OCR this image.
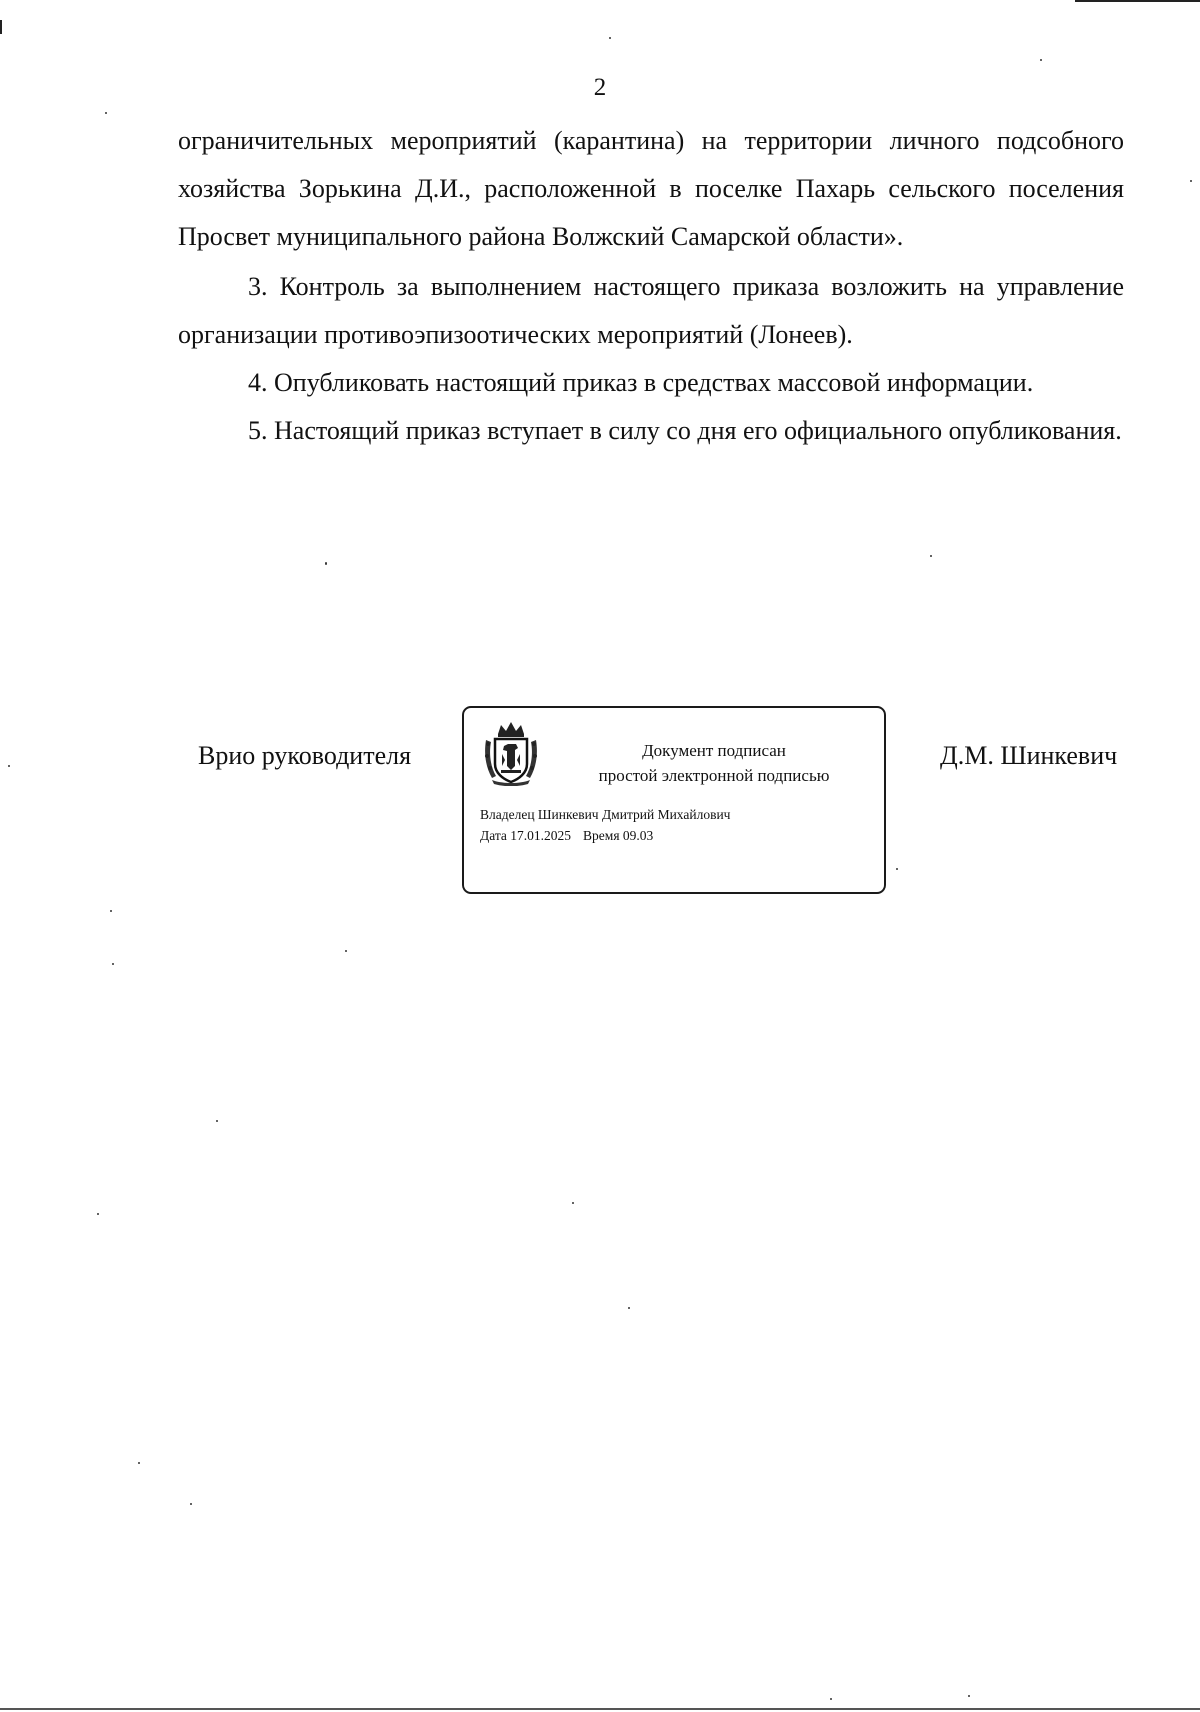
2

ограничительных мероприятий (карантина) на территории личного подсобного хозяйства Зорькина Д.И., расположенной в поселке Пахарь сельского поселения Просвет муниципального района Волжский Самарской области».

3. Контроль за выполнением настоящего приказа возложить на управление организации противоэпизоотических мероприятий (Лонеев).

4. Опубликовать настоящий приказ в средствах массовой информации.

5. Настоящий приказ вступает в силу со дня его официального опубликования.

Врио руководителя	Документ подписан
простой электронной подписью
Владелец Шинкевич Дмитрий Михайлович
Дата 17.01.2025 Время 09.03
Д.М. Шинкевич
